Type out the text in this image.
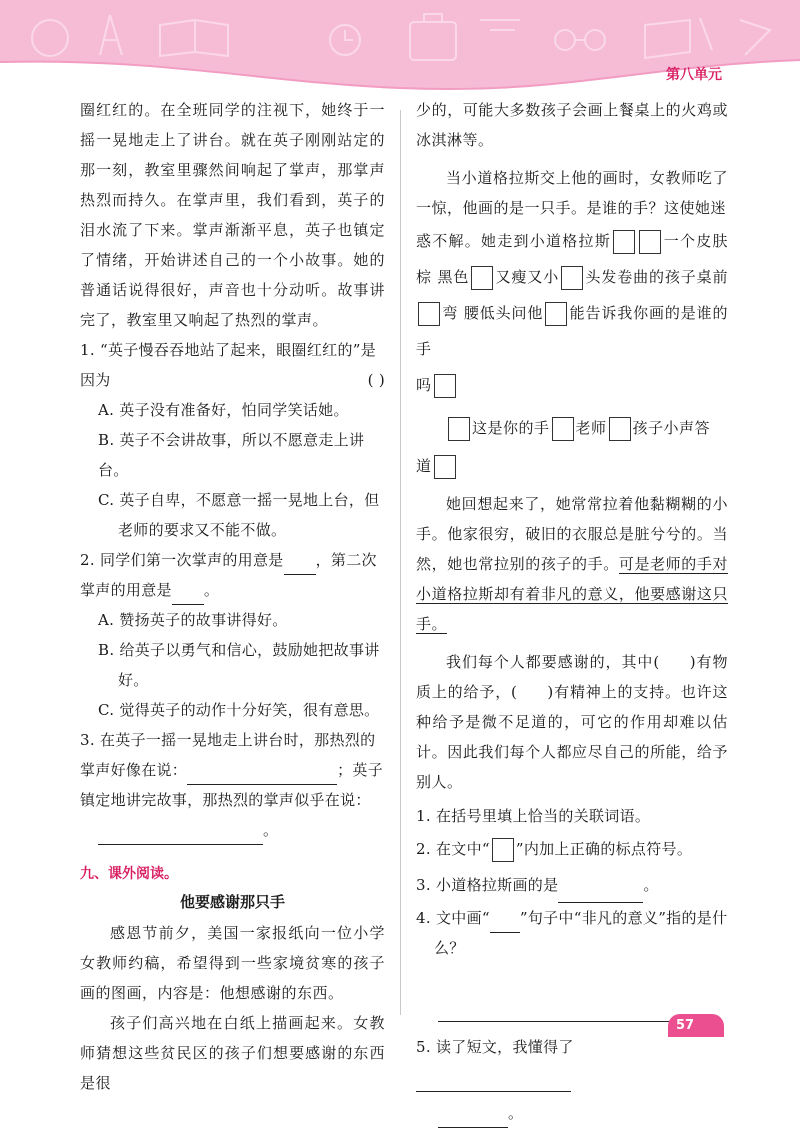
第八单元

圈红红的。在全班同学的注视下，她终于一摇一晃地走上了讲台。就在英子刚刚站定的那一刻，教室里骤然间响起了掌声，那掌声热烈而持久。在掌声里，我们看到，英子的泪水流了下来。掌声渐渐平息，英子也镇定了情绪，开始讲述自己的一个小故事。她的普通话说得很好，声音也十分动听。故事讲完了，教室里又响起了热烈的掌声。

1. “英子慢吞吞地站了起来，眼圈红红的”是因为	( )

A. 英子没有准备好，怕同学笑话她。

B. 英子不会讲故事，所以不愿意走上讲台。

C. 英子自卑，不愿意一摇一晃地上台，但老师的要求又不能不做。

2. 同学们第一次掌声的用意是 ，第二次掌声的用意是 。

A. 赞扬英子的故事讲得好。

B. 给英子以勇气和信心，鼓励她把故事讲好。

C. 觉得英子的动作十分好笑，很有意思。

3. 在英子一摇一晃地走上讲台时，那热烈的掌声好像在说：	；英子镇定地讲完故事，那热烈的掌声似乎在说：

。

九、课外阅读。
他要感谢那只手

感恩节前夕，美国一家报纸向一位小学女教师约稿，希望得到一些家境贫寒的孩子画的图画，内容是：他想感谢的东西。

孩子们高兴地在白纸上描画起来。女教师猜想这些贫民区的孩子们想要感谢的东西是很

少的，可能大多数孩子会画上餐桌上的火鸡或冰淇淋等。

当小道格拉斯交上他的画时，女教师吃了一惊，他画的是一只手。是谁的手？这使她迷

惑不解。她走到小道格拉斯	一个皮肤棕 黑色 又瘦又小 头发卷曲的孩子桌前弯 腰低头问他 能告诉我你画的是谁的手
吗

这是你的手 老师 孩子小声答

道

她回想起来了，她常常拉着他黏糊糊的小手。他家很穷，破旧的衣服总是脏兮兮的。当然，她也常拉别的孩子的手。可是老师的手对小道格拉斯却有着非凡的意义，他要感谢这只手。

我们每个人都要感谢的，其中( )有物质上的给予，( )有精神上的支持。也许这种给予是微不足道的，可它的作用却难以估计。因此我们每个人都应尽自己的所能，给予别人。

1. 在括号里填上恰当的关联词语。

2. 在文中“ ”内加上正确的标点符号。

3. 小道格拉斯画的是	。

4. 文中画“ ”句子中“非凡的意义”指的是什么？

5. 读了短文，我懂得了

。

57
